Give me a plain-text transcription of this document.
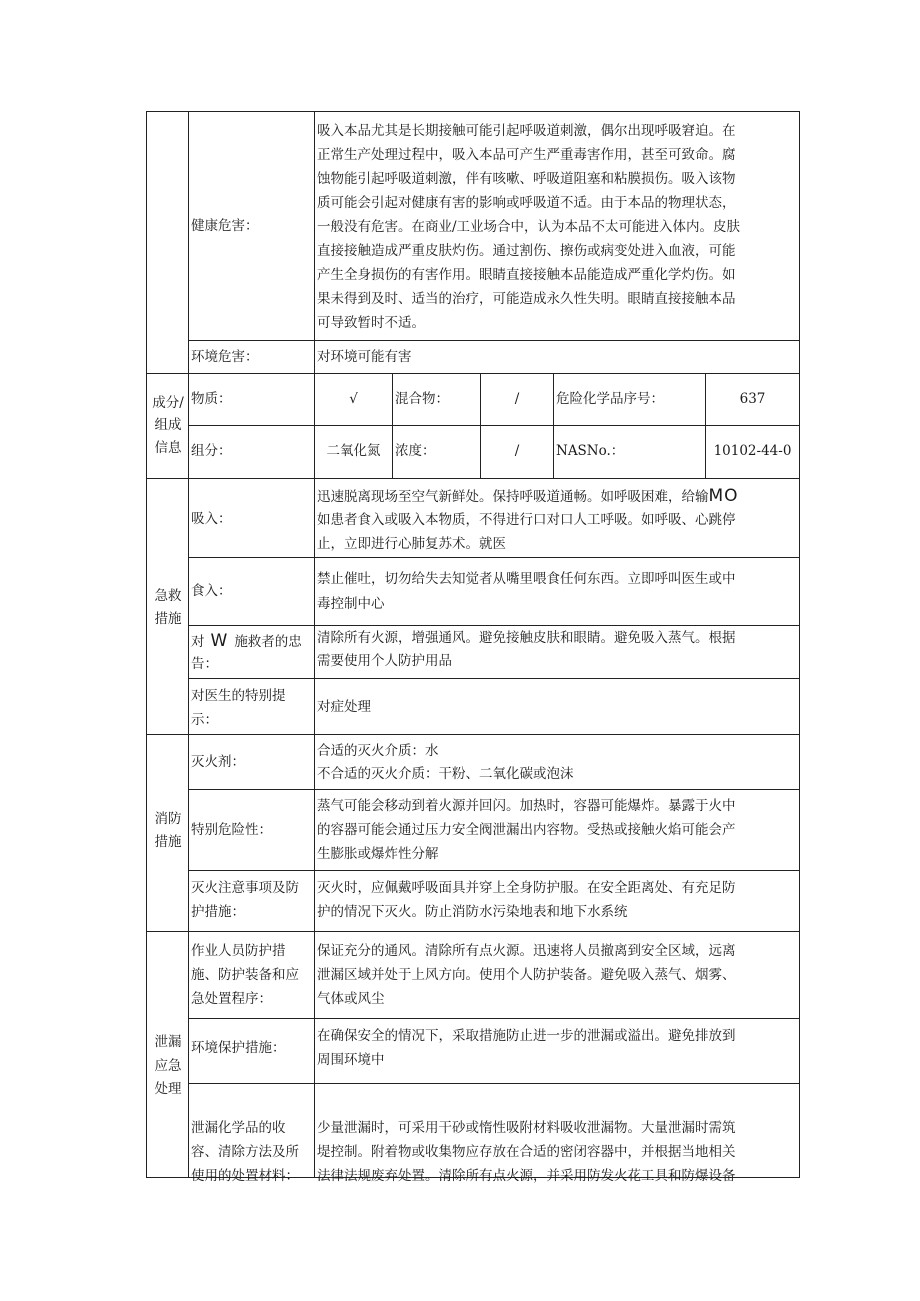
健康危害：
吸入本品尤其是长期接触可能引起呼吸道刺激，偶尔出现呼吸窘迫。在
正常生产处理过程中，吸入本品可产生严重毒害作用，甚至可致命。腐
蚀物能引起呼吸道刺激，伴有咳嗽、呼吸道阻塞和粘膜损伤。吸入该物
质可能会引起对健康有害的影响或呼吸道不适。由于本品的物理状态，
一般没有危害。在商业/工业场合中，认为本品不太可能进入体内。皮肤
直接接触造成严重皮肤灼伤。通过割伤、擦伤或病变处进入血液，可能
产生全身损伤的有害作用。眼睛直接接触本品能造成严重化学灼伤。如
果未得到及时、适当的治疗，可能造成永久性失明。眼睛直接接触本品
可导致暂时不适。
环境危害：	对环境可能有害
成分/
组成
信息
物质：	√	混合物：	/	危险化学品序号：	637
组分：	二氧化氮	浓度：	/	NASNo.：	10102-44-0
急救
措施
吸入：
迅速脱离现场至空气新鲜处。保持呼吸道通畅。如呼吸困难，给输MO
如患者食入或吸入本物质，不得进行口对口人工呼吸。如呼吸、心跳停
止，立即进行心肺复苏术。就医
食入：
禁止催吐，切勿给失去知觉者从嘴里喂食任何东西。立即呼叫医生或中
毒控制中心
对 W 施救者的忠
告：
清除所有火源，增强通风。避免接触皮肤和眼睛。避免吸入蒸气。根据
需要使用个人防护用品
对医生的特别提
示：
对症处理
消防
措施
灭火剂：
合适的灭火介质：水
不合适的灭火介质：干粉、二氧化碳或泡沫
特别危险性：
蒸气可能会移动到着火源并回闪。加热时，容器可能爆炸。暴露于火中
的容器可能会通过压力安全阀泄漏出内容物。受热或接触火焰可能会产
生膨胀或爆炸性分解
灭火注意事项及防
护措施：
灭火时，应佩戴呼吸面具并穿上全身防护服。在安全距离处、有充足防
护的情况下灭火。防止消防水污染地表和地下水系统
泄漏
应急
处理
作业人员防护措
施、防护装备和应
急处置程序：
保证充分的通风。清除所有点火源。迅速将人员撤离到安全区域，远离
泄漏区域并处于上风方向。使用个人防护装备。避免吸入蒸气、烟雾、
气体或风尘
环境保护措施：
在确保安全的情况下，采取措施防止进一步的泄漏或溢出。避免排放到
周围环境中
泄漏化学品的收
容、清除方法及所
使用的处置材料：
少量泄漏时，可采用干砂或惰性吸附材料吸收泄漏物。大量泄漏时需筑
堤控制。附着物或收集物应存放在合适的密闭容器中，并根据当地相关
法律法规废弃处置。清除所有点火源，并采用防发火花工具和防爆设备
